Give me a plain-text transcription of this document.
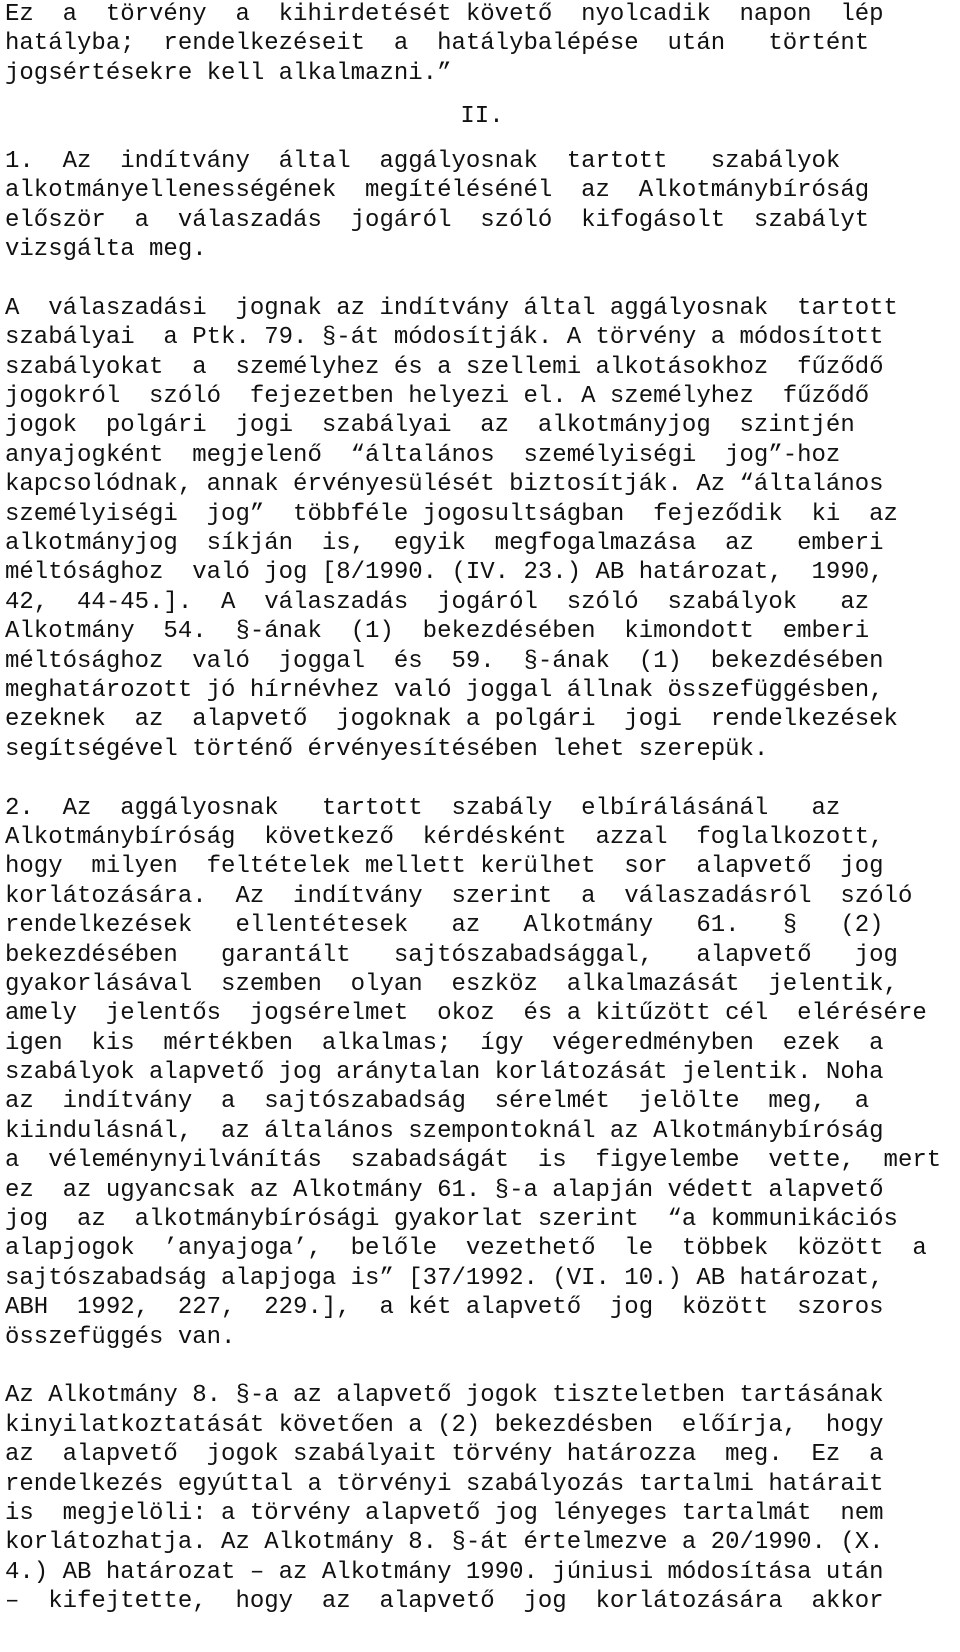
Ez  a  törvény  a  kihirdetését követő  nyolcadik  napon  lép
hatályba;  rendelkezéseit  a  hatálybalépése  után   történt
jogsértésekre kell alkalmazni.”
II.
1.  Az  indítvány  által  aggályosnak  tartott   szabályok
alkotmányellenességének  megítélésénél  az  Alkotmánybíróság
először  a  válaszadás  jogáról  szóló  kifogásolt  szabályt
vizsgálta meg.
A  válaszadási  jognak az indítvány által aggályosnak  tartott
szabályai  a Ptk. 79. §-át módosítják. A törvény a módosított
szabályokat  a  személyhez és a szellemi alkotásokhoz  fűződő
jogokról  szóló  fejezetben helyezi el. A személyhez  fűződő
jogok  polgári  jogi  szabályai  az  alkotmányjog  szintjén
anyajogként  megjelenő  “általános  személyiségi  jog”-hoz
kapcsolódnak, annak érvényesülését biztosítják. Az “általános
személyiségi  jog”  többféle jogosultságban  fejeződik  ki  az
alkotmányjog  síkján  is,  egyik  megfogalmazása  az   emberi
méltósághoz  való jog [8/1990. (IV. 23.) AB határozat,  1990,
42,  44-45.].  A  válaszadás  jogáról  szóló  szabályok   az
Alkotmány  54.  §-ának  (1)  bekezdésében  kimondott  emberi
méltósághoz  való  joggal  és  59.  §-ának  (1)  bekezdésében
meghatározott jó hírnévhez való joggal állnak összefüggésben,
ezeknek  az  alapvető  jogoknak a polgári  jogi  rendelkezések
segítségével történő érvényesítésében lehet szerepük.
2.  Az  aggályosnak   tartott  szabály  elbírálásánál   az
Alkotmánybíróság  következő  kérdésként  azzal  foglalkozott,
hogy  milyen  feltételek mellett kerülhet  sor  alapvető  jog
korlátozására.  Az  indítvány  szerint  a  válaszadásról  szóló
rendelkezések   ellentétesek   az   Alkotmány   61.   §   (2)
bekezdésében   garantált   sajtószabadsággal,   alapvető   jog
gyakorlásával  szemben  olyan  eszköz  alkalmazását  jelentik,
amely  jelentős  jogsérelmet  okoz  és a kitűzött cél  elérésére
igen  kis  mértékben  alkalmas;  így  végeredményben  ezek  a
szabályok alapvető jog aránytalan korlátozását jelentik. Noha
az  indítvány  a  sajtószabadság  sérelmét  jelölte  meg,  a
kiindulásnál,  az általános szempontoknál az Alkotmánybíróság
a  véleménynyilvánítás  szabadságát  is  figyelembe  vette,  mert
ez  az ugyancsak az Alkotmány 61. §-a alapján védett alapvető
jog  az  alkotmánybírósági gyakorlat szerint  “a kommunikációs
alapjogok  ’anyajoga’,  belőle  vezethető  le  többek  között  a
sajtószabadság alapjoga is” [37/1992. (VI. 10.) AB határozat,
ABH  1992,  227,  229.],  a két alapvető  jog  között  szoros
összefüggés van.
Az Alkotmány 8. §-a az alapvető jogok tiszteletben tartásának
kinyilatkoztatását követően a (2) bekezdésben  előírja,  hogy
az  alapvető  jogok szabályait törvény határozza  meg.  Ez  a
rendelkezés egyúttal a törvényi szabályozás tartalmi határait
is  megjelöli: a törvény alapvető jog lényeges tartalmát  nem
korlátozhatja. Az Alkotmány 8. §-át értelmezve a 20/1990. (X.
4.) AB határozat – az Alkotmány 1990. júniusi módosítása után
–  kifejtette,  hogy  az  alapvető  jog  korlátozására  akkor
